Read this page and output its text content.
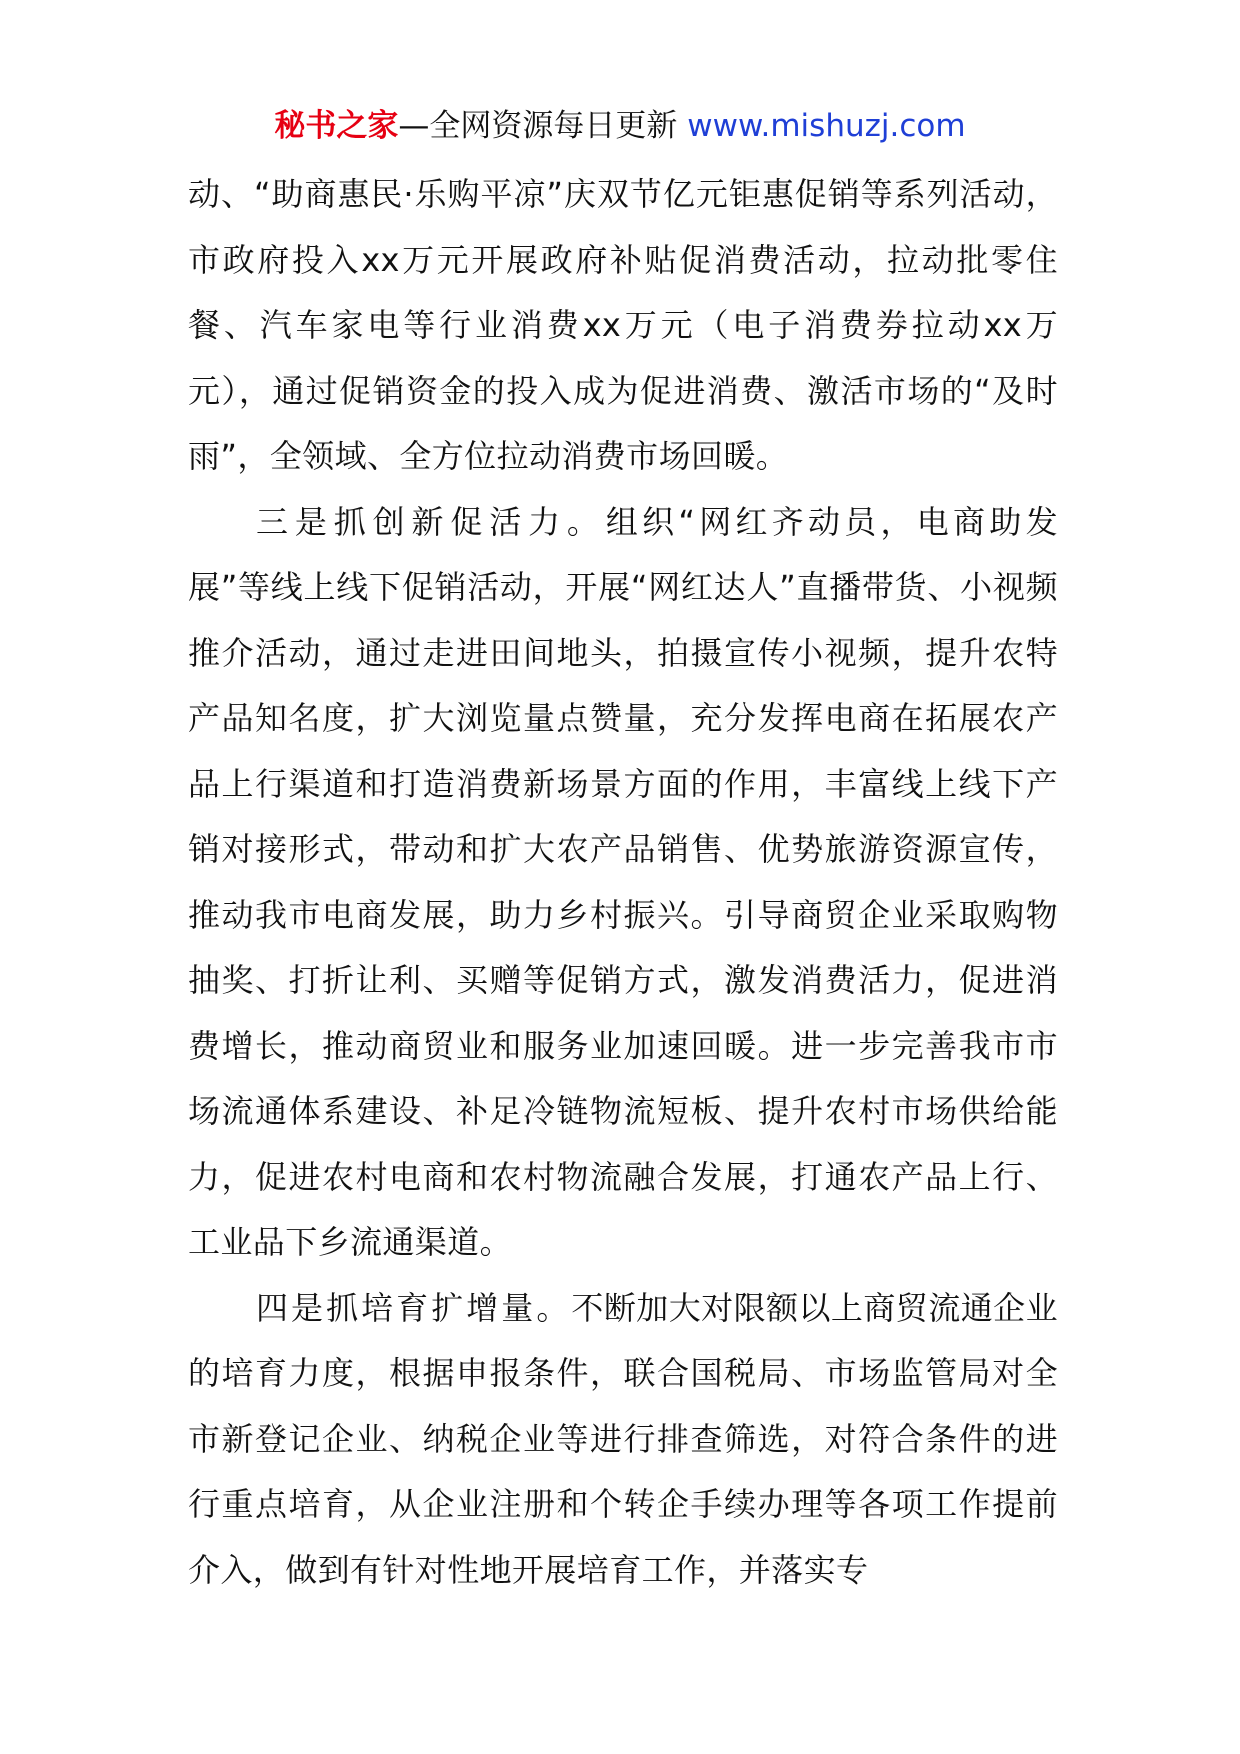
秘书之家—全网资源每日更新 www.mishuzj.com

动、“助商惠民·乐购平凉”庆双节亿元钜惠促销等系列活动，市政府投入xx万元开展政府补贴促消费活动，拉动批零住餐、汽车家电等行业消费xx万元（电子消费券拉动xx万元），通过促销资金的投入成为促进消费、激活市场的“及时雨”，全领域、全方位拉动消费市场回暖。

三是抓创新促活力。组织“网红齐动员，电商助发展”等线上线下促销活动，开展“网红达人”直播带货、小视频推介活动，通过走进田间地头，拍摄宣传小视频，提升农特产品知名度，扩大浏览量点赞量，充分发挥电商在拓展农产品上行渠道和打造消费新场景方面的作用，丰富线上线下产销对接形式，带动和扩大农产品销售、优势旅游资源宣传，推动我市电商发展，助力乡村振兴。引导商贸企业采取购物抽奖、打折让利、买赠等促销方式，激发消费活力，促进消费增长，推动商贸业和服务业加速回暖。进一步完善我市市场流通体系建设、补足冷链物流短板、提升农村市场供给能力，促进农村电商和农村物流融合发展，打通农产品上行、工业品下乡流通渠道。

四是抓培育扩增量。不断加大对限额以上商贸流通企业的培育力度，根据申报条件，联合国税局、市场监管局对全市新登记企业、纳税企业等进行排查筛选，对符合条件的进行重点培育，从企业注册和个转企手续办理等各项工作提前介入，做到有针对性地开展培育工作，并落实专
